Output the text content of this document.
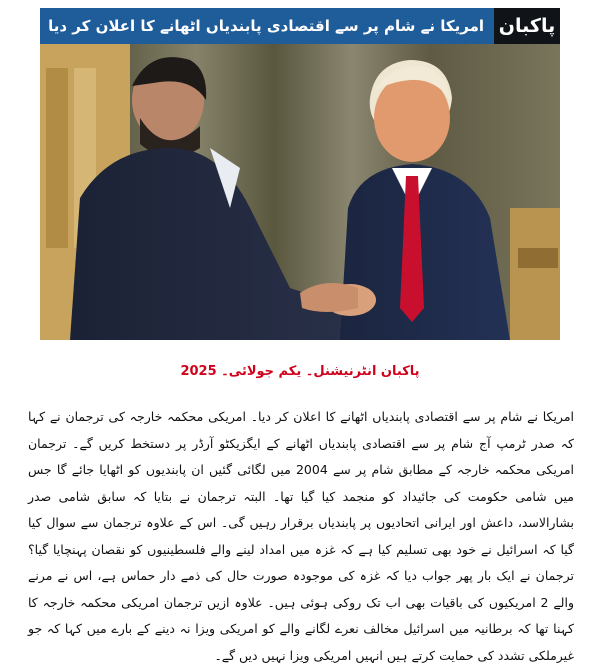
امریکا نے شام پر سے اقتصادی پابندیاں اٹھانے کا اعلان کر دیا پاکبان
پاکبان انٹرنیشنل۔ یکم جولائی۔ 2025
امریکا نے شام پر سے اقتصادی پابندیاں اٹھانے کا اعلان کر دیا۔ امریکی محکمہ خارجہ کی ترجمان نے کہا کہ صدر ٹرمپ آج شام پر سے اقتصادی پابندیاں اٹھانے کے ایگزیکٹو آرڈر پر دستخط کریں گے۔ ترجمان امریکی محکمہ خارجہ کے مطابق شام پر سے 2004 میں لگائی گئیں ان پابندیوں کو اٹھایا جائے گا جس میں شامی حکومت کی جائیداد کو منجمد کیا گیا تھا۔ البتہ ترجمان نے بتایا کہ سابق شامی صدر بشارالاسد، داعش اور ایرانی اتحادیوں پر پابندیاں برقرار رہیں گی۔ اس کے علاوہ ترجمان سے سوال کیا گیا کہ اسرائیل نے خود بھی تسلیم کیا ہے کہ غزہ میں امداد لینے والے فلسطینیوں کو نقصان پہنچایا گیا؟ ترجمان نے ایک بار پھر جواب دیا کہ غزہ کی موجودہ صورت حال کی ذمے دار حماس ہے، اس نے مرنے والے 2 امریکیوں کی باقیات بھی اب تک روکی ہوئی ہیں۔ علاوہ ازیں ترجمان امریکی محکمہ خارجہ کا کہنا تھا کہ برطانیہ میں اسرائیل مخالف نعرے لگانے والے کو امریکی ویزا نہ دینے کے بارے میں کہا کہ جو غیرملکی تشدد کی حمایت کرتے ہیں انہیں امریکی ویزا نہیں دیں گے۔
